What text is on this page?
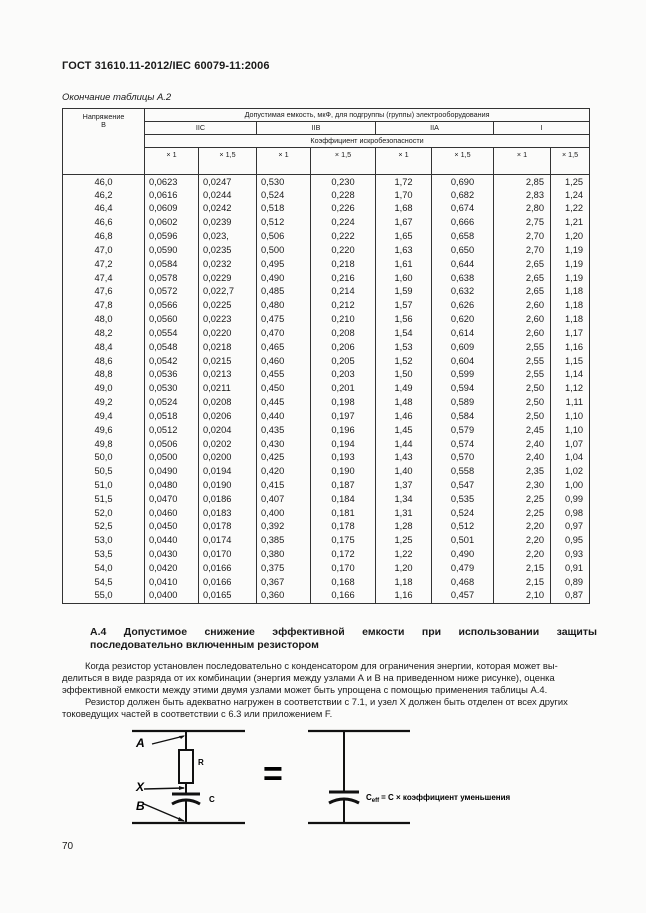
ГОСТ 31610.11-2012/IEC 60079-11:2006
Окончание таблицы А.2
Напряжение
В	Допустимая емкость, мкФ, для подгруппы (группы) электрооборудования							
	IIC		IIB		IIA		I	
	Коэффициент искробезопасности							
	× 1	× 1,5	× 1	× 1,5	× 1	× 1,5	× 1	× 1,5
46,0	0,0623	0,0247	0,530	0,230	1,72	0,690	2,85	1,25
46,2	0,0616	0,0244	0,524	0,228	1,70	0,682	2,83	1,24
46,4	0,0609	0,0242	0,518	0,226	1,68	0,674	2,80	1,22
46,6	0,0602	0,0239	0,512	0,224	1,67	0,666	2,75	1,21
46,8	0,0596	0,023,	0,506	0,222	1,65	0,658	2,70	1,20
47,0	0,0590	0,0235	0,500	0,220	1,63	0,650	2,70	1,19
47,2	0,0584	0,0232	0,495	0,218	1,61	0,644	2,65	1,19
47,4	0,0578	0,0229	0,490	0,216	1,60	0,638	2,65	1,19
47,6	0,0572	0,022,7	0,485	0,214	1,59	0,632	2,65	1,18
47,8	0,0566	0,0225	0,480	0,212	1,57	0,626	2,60	1,18
48,0	0,0560	0,0223	0,475	0,210	1,56	0,620	2,60	1,18
48,2	0,0554	0,0220	0,470	0,208	1,54	0,614	2,60	1,17
48,4	0,0548	0,0218	0,465	0,206	1,53	0,609	2,55	1,16
48,6	0,0542	0,0215	0,460	0,205	1,52	0,604	2,55	1,15
48,8	0,0536	0,0213	0,455	0,203	1,50	0,599	2,55	1,14
49,0	0,0530	0,0211	0,450	0,201	1,49	0,594	2,50	1,12
49,2	0,0524	0,0208	0,445	0,198	1,48	0,589	2,50	1,11
49,4	0,0518	0,0206	0,440	0,197	1,46	0,584	2,50	1,10
49,6	0,0512	0,0204	0,435	0,196	1,45	0,579	2,45	1,10
49,8	0,0506	0,0202	0,430	0,194	1,44	0,574	2,40	1,07
50,0	0,0500	0,0200	0,425	0,193	1,43	0,570	2,40	1,04
50,5	0,0490	0,0194	0,420	0,190	1,40	0,558	2,35	1,02
51,0	0,0480	0,0190	0,415	0,187	1,37	0,547	2,30	1,00
51,5	0,0470	0,0186	0,407	0,184	1,34	0,535	2,25	0,99
52,0	0,0460	0,0183	0,400	0,181	1,31	0,524	2,25	0,98
52,5	0,0450	0,0178	0,392	0,178	1,28	0,512	2,20	0,97
53,0	0,0440	0,0174	0,385	0,175	1,25	0,501	2,20	0,95
53,5	0,0430	0,0170	0,380	0,172	1,22	0,490	2,20	0,93
54,0	0,0420	0,0166	0,375	0,170	1,20	0,479	2,15	0,91
54,5	0,0410	0,0166	0,367	0,168	1,18	0,468	2,15	0,89
55,0	0,0400	0,0165	0,360	0,166	1,16	0,457	2,10	0,87
А.4 Допустимое снижение эффективной емкости при использовании защиты
последовательно включенным резистором
Когда резистор установлен последовательно с конденсатором для ограничения энергии, которая может вы-
делиться в виде разряда от их комбинации (энергия между узлами А и В на приведенном ниже рисунке), оценка
эффективной емкости между этими двумя узлами может быть упрощена с помощью применения таблицы А.4.
Резистор должен быть адекватно нагружен в соответствии с 7.1, и узел X должен быть отделен от всех других
токоведущих частей в соответствии с 6.3 или приложением F.
A
X
B
R
C
=
$C_{eff} = C$ × коэффициент уменьшения
70
